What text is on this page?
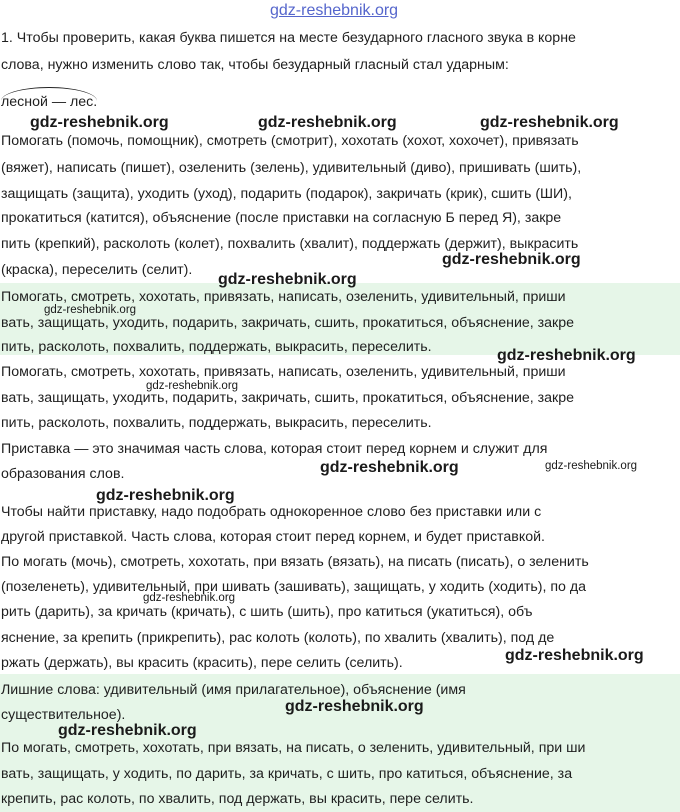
gdz-reshebnik.org
1. Чтобы проверить, какая буква пишется на месте безударного гласного звука в корне
слова, нужно изменить слово так, чтобы безударный гласный стал ударным:
лесной — лес.
Помогать (помочь, помощник), смотреть (смотрит), хохотать (хохот, хохочет), привязать
(вяжет), написать (пишет), озеленить (зелень), удивительный (диво), пришивать (шить),
защищать (защита), уходить (уход), подарить (подарок), закричать (крик), сшить (ШИ),
прокатиться (катится), объяснение (после приставки на согласную Б перед Я), закре
пить (крепкий), расколоть (колет), похвалить (хвалит), поддержать (держит), выкрасить
(краска), переселить (селит).
Помогать, смотреть, хохотать, привязать, написать, озеленить, удивительный, приши
вать, защищать, уходить, подарить, закричать, сшить, прокатиться, объяснение, закре
пить, расколоть, похвалить, поддержать, выкрасить, переселить.
Помогать, смотреть, хохотать, привязать, написать, озеленить, удивительный, приши
вать, защищать, уходить, подарить, закричать, сшить, прокатиться, объяснение, закре
пить, расколоть, похвалить, поддержать, выкрасить, переселить.
Приставка — это значимая часть слова, которая стоит перед корнем и служит для
образования слов.
Чтобы найти приставку, надо подобрать однокоренное слово без приставки или с
другой приставкой. Часть слова, которая стоит перед корнем, и будет приставкой.
По могать (мочь), смотреть, хохотать, при вязать (вязать), на писать (писать), о зеленить
(позеленеть), удивительный, при шивать (зашивать), защищать, у ходить (ходить), по да
рить (дарить), за кричать (кричать), с шить (шить), про катиться (укатиться), объ
яснение, за крепить (прикрепить), рас колоть (колоть), по хвалить (хвалить), под де
ржать (держать), вы красить (красить), пере селить (селить).
Лишние слова: удивительный (имя прилагательное), объяснение (имя
существительное).
По могать, смотреть, хохотать, при вязать, на писать, о зеленить, удивительный, при ши
вать, защищать, у ходить, по дарить, за кричать, с шить, про катиться, объяснение, за
крепить, рас колоть, по хвалить, под держать, вы красить, пере селить.
gdz-reshebnik.org	gdz-reshebnik.org	gdz-reshebnik.org
gdz-reshebnik.org
gdz-reshebnik.org
gdz-reshebnik.org
gdz-reshebnik.org
gdz-reshebnik.org
gdz-reshebnik.org	gdz-reshebnik.org
gdz-reshebnik.org
gdz-reshebnik.org
gdz-reshebnik.org
gdz-reshebnik.org
gdz-reshebnik.org
